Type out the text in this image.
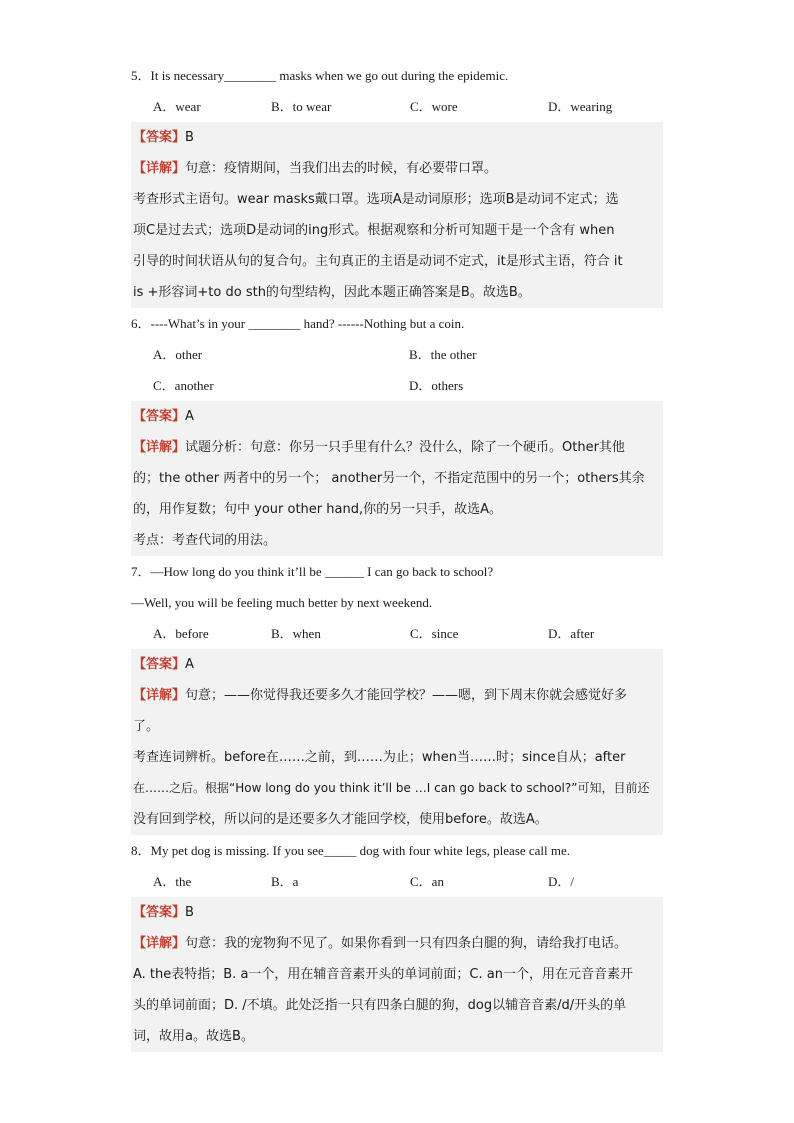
5．It is necessary________ masks when we go out during the epidemic.
A．wear	B．to wear	C．wore	D．wearing
【答案】B
【详解】句意：疫情期间，当我们出去的时候，有必要带口罩。
考查形式主语句。wear masks戴口罩。选项A是动词原形；选项B是动词不定式；选
项C是过去式；选项D是动词的ing形式。根据观察和分析可知题干是一个含有 when
引导的时间状语从句的复合句。主句真正的主语是动词不定式，it是形式主语，符合 it
is +形容词+to do sth的句型结构，因此本题正确答案是B。故选B。
6．----What’s in your ________ hand? ------Nothing but a coin.
A．other	B．the other
C．another	D．others
【答案】A
【详解】试题分析：句意：你另一只手里有什么？没什么，除了一个硬币。Other其他
的；the other 两者中的另一个； another另一个，不指定范围中的另一个；others其余
的，用作复数；句中 your other hand,你的另一只手，故选A。
考点：考查代词的用法。
7．—How long do you think it’ll be ______ I can go back to school?
—Well, you will be feeling much better by next weekend.
A．before	B．when	C．since	D．after
【答案】A
【详解】句意；——你觉得我还要多久才能回学校？——嗯，到下周末你就会感觉好多
了。
考查连词辨析。before在……之前，到……为止；when当……时；since自从；after
在……之后。根据“How long do you think it’ll be …I can go back to school?”可知，目前还
没有回到学校，所以问的是还要多久才能回学校，使用before。故选A。
8．My pet dog is missing. If you see_____ dog with four white legs, please call me.
A．the	B．a	C．an	D．/
【答案】B
【详解】句意：我的宠物狗不见了。如果你看到一只有四条白腿的狗，请给我打电话。
A. the表特指；B. a一个，用在辅音音素开头的单词前面；C. an一个，用在元音音素开
头的单词前面；D. /不填。此处泛指一只有四条白腿的狗，dog以辅音音素/d/开头的单
词，故用a。故选B。
